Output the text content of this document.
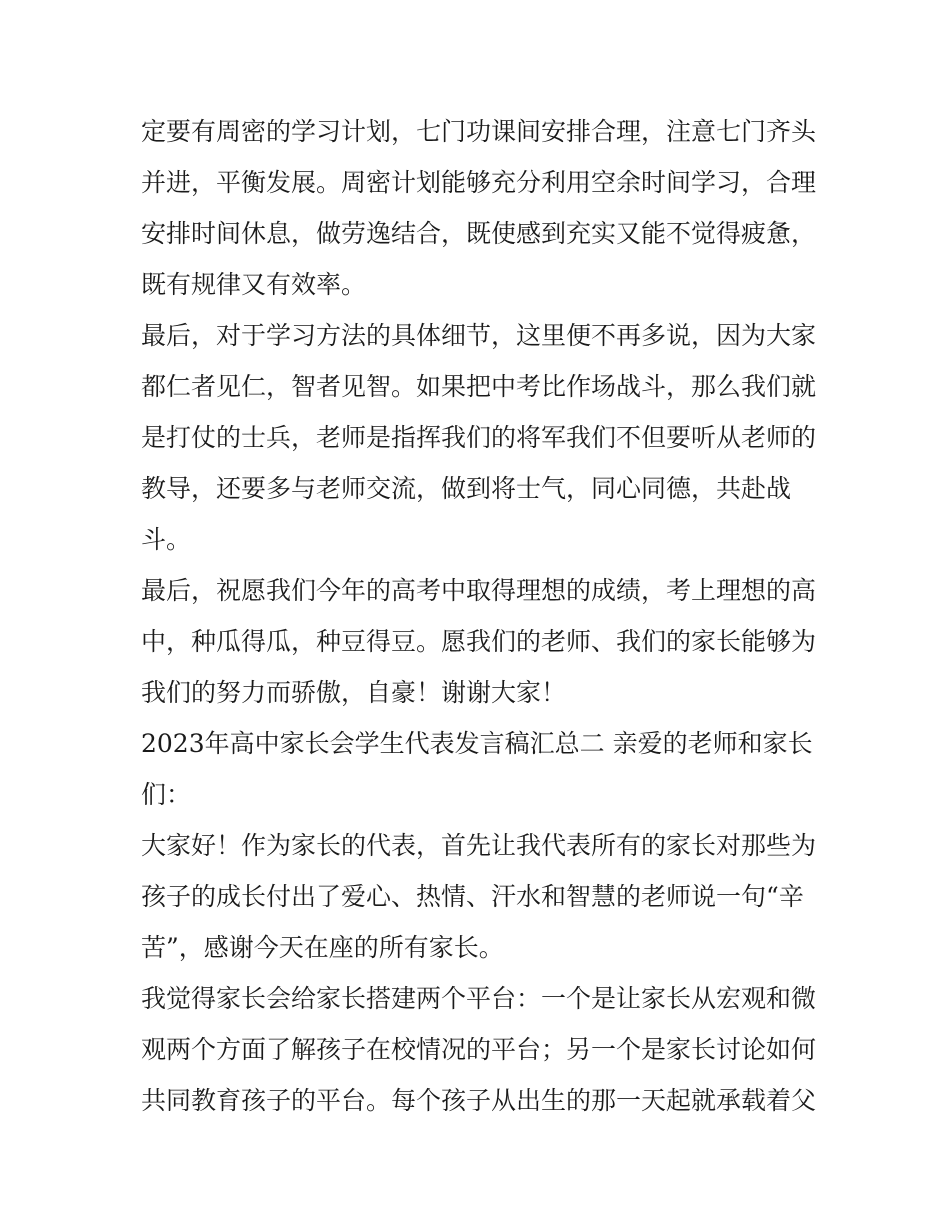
定要有周密的学习计划，七门功课间安排合理，注意七门齐头
并进，平衡发展。周密计划能够充分利用空余时间学习，合理
安排时间休息，做劳逸结合，既使感到充实又能不觉得疲惫，
既有规律又有效率。
最后，对于学习方法的具体细节，这里便不再多说，因为大家
都仁者见仁，智者见智。如果把中考比作场战斗，那么我们就
是打仗的士兵，老师是指挥我们的将军我们不但要听从老师的
教导，还要多与老师交流，做到将士气，同心同德，共赴战
斗。
最后，祝愿我们今年的高考中取得理想的成绩，考上理想的高
中，种瓜得瓜，种豆得豆。愿我们的老师、我们的家长能够为
我们的努力而骄傲，自豪！谢谢大家！
2023年高中家长会学生代表发言稿汇总二 亲爱的老师和家长
们：
大家好！作为家长的代表，首先让我代表所有的家长对那些为
孩子的成长付出了爱心、热情、汗水和智慧的老师说一句“辛
苦”，感谢今天在座的所有家长。
我觉得家长会给家长搭建两个平台：一个是让家长从宏观和微
观两个方面了解孩子在校情况的平台；另一个是家长讨论如何
共同教育孩子的平台。每个孩子从出生的那一天起就承载着父
